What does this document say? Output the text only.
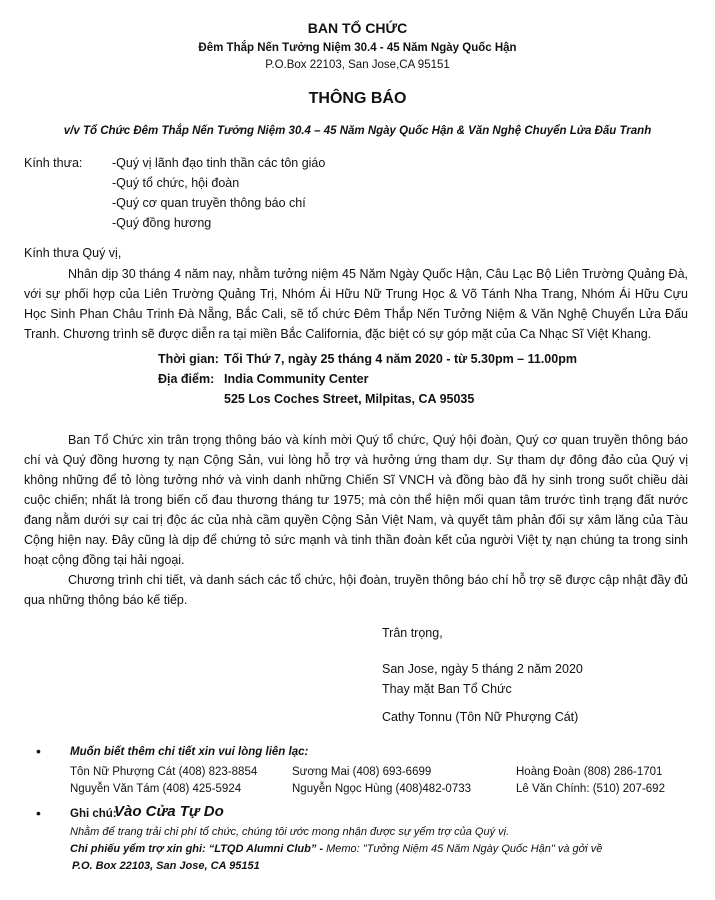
BAN TỔ CHỨC
Đêm Thắp Nến Tưởng Niệm 30.4 - 45 Năm Ngày Quốc Hận
P.O.Box 22103, San Jose,CA 95151
THÔNG BÁO
v/v Tổ Chức Đêm Thắp Nến Tưởng Niệm 30.4 – 45 Năm Ngày Quốc Hận & Văn Nghệ Chuyển Lửa Đấu Tranh
Kính thưa: -Quý vị lãnh đạo tinh thần các tôn giáo
-Quý tổ chức, hội đoàn
-Quý cơ quan truyền thông báo chí
-Quý đồng hương
Kính thưa Quý vị,

Nhân dịp 30 tháng 4 năm nay, nhằm tưởng niệm 45 Năm Ngày Quốc Hận, Câu Lạc Bộ Liên Trường Quảng Đà, với sự phối hợp của Liên Trường Quảng Trị, Nhóm Ái Hữu Nữ Trung Học & Võ Tánh Nha Trang, Nhóm Ái Hữu Cựu Học Sinh Phan Châu Trinh Đà Nẵng, Bắc Cali, sẽ tổ chức Đêm Thắp Nến Tưởng Niệm & Văn Nghệ Chuyển Lửa Đấu Tranh. Chương trình sẽ được diễn ra tại miền Bắc California, đặc biệt có sự góp mặt của Ca Nhạc Sĩ Việt Khang.

Thời gian: Tối Thứ 7, ngày 25 tháng 4 năm 2020 - từ 5.30pm – 11.00pm
Địa điểm: India Community Center
525 Los Coches Street, Milpitas, CA 95035

Ban Tổ Chức xin trân trọng thông báo và kính mời Quý tổ chức, Quý hội đoàn, Quý cơ quan truyền thông báo chí và Quý đồng hương tỵ nạn Cộng Sản, vui lòng hỗ trợ và hưởng ứng tham dự. Sự tham dự đông đảo của Quý vị không những để tỏ lòng tưởng nhớ và vinh danh những Chiến Sĩ VNCH và đồng bào đã hy sinh trong suốt chiều dài cuộc chiến; nhất là trong biến cố đau thương tháng tư 1975; mà còn thể hiện mối quan tâm trước tình trạng đất nước đang nằm dưới sự cai trị độc ác của nhà cầm quyền Cộng Sản Việt Nam, và quyết tâm phản đối sự xâm lăng của Tàu Cộng hiện nay. Đây cũng là dịp để chứng tỏ sức mạnh và tinh thần đoàn kết của người Việt tỵ nạn chúng ta trong sinh hoạt cộng đồng tại hải ngoại.

Chương trình chi tiết, và danh sách các tổ chức, hội đoàn, truyền thông báo chí hỗ trợ sẽ được cập nhật đầy đủ qua những thông báo kế tiếp.

Trân trọng,
San Jose, ngày 5 tháng 2 năm 2020
Thay mặt Ban Tổ Chức
Cathy Tonnu (Tôn Nữ Phượng Cát)
•	Muốn biết thêm chi tiết xin vui lòng liên lạc:
Tôn Nữ Phượng Cát (408) 823-8854	Sương Mai (408) 693-6699	Hoàng Đoàn (808) 286-1701
Nguyễn Văn Tám (408) 425-5924	Nguyễn Ngọc Hùng (408)482-0733	Lê Văn Chính: (510) 207-692
•	Ghi chú:
Vào Cửa Tự Do
Nhằm để trang trải chi phí tổ chức, chúng tôi ước mong nhận được sự yểm trợ của Quý vị.
Chi phiếu yểm trợ xin ghi: “LTQD Alumni Club” - Memo: "Tưởng Niệm 45 Năm Ngày Quốc Hận" và gởi về
P.O. Box 22103, San Jose, CA 95151
